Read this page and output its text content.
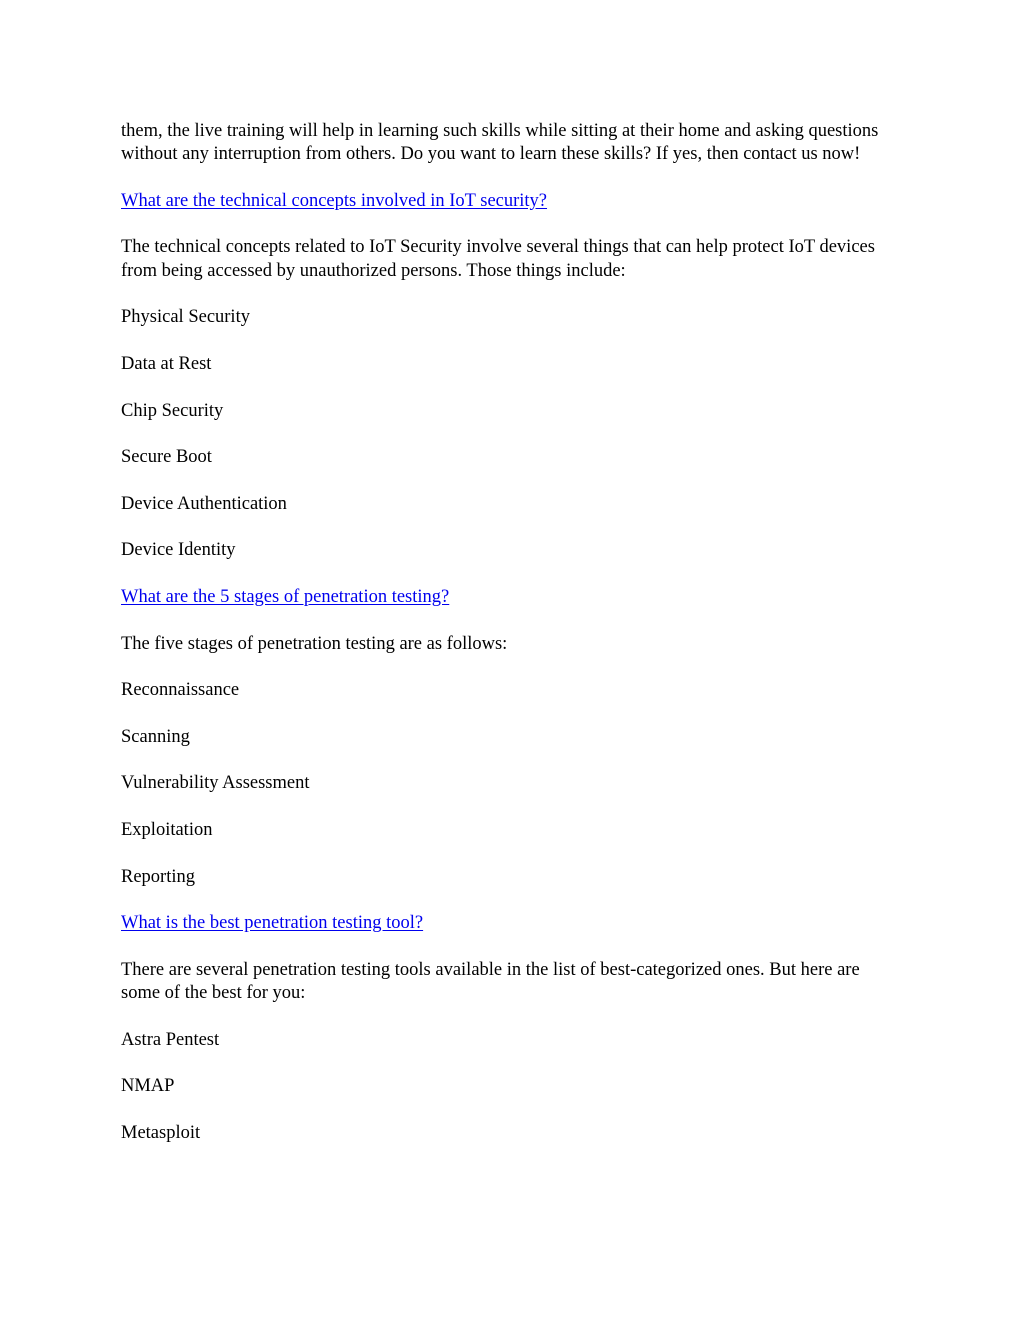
them, the live training will help in learning such skills while sitting at their home and asking questions without any interruption from others. Do you want to learn these skills? If yes, then contact us now!

What are the technical concepts involved in IoT security?

The technical concepts related to IoT Security involve several things that can help protect IoT devices from being accessed by unauthorized persons. Those things include:

Physical Security

Data at Rest

Chip Security

Secure Boot

Device Authentication

Device Identity

What are the 5 stages of penetration testing?

The five stages of penetration testing are as follows:

Reconnaissance

Scanning

Vulnerability Assessment

Exploitation

Reporting

What is the best penetration testing tool?

There are several penetration testing tools available in the list of best-categorized ones. But here are some of the best for you:

Astra Pentest

NMAP

Metasploit
